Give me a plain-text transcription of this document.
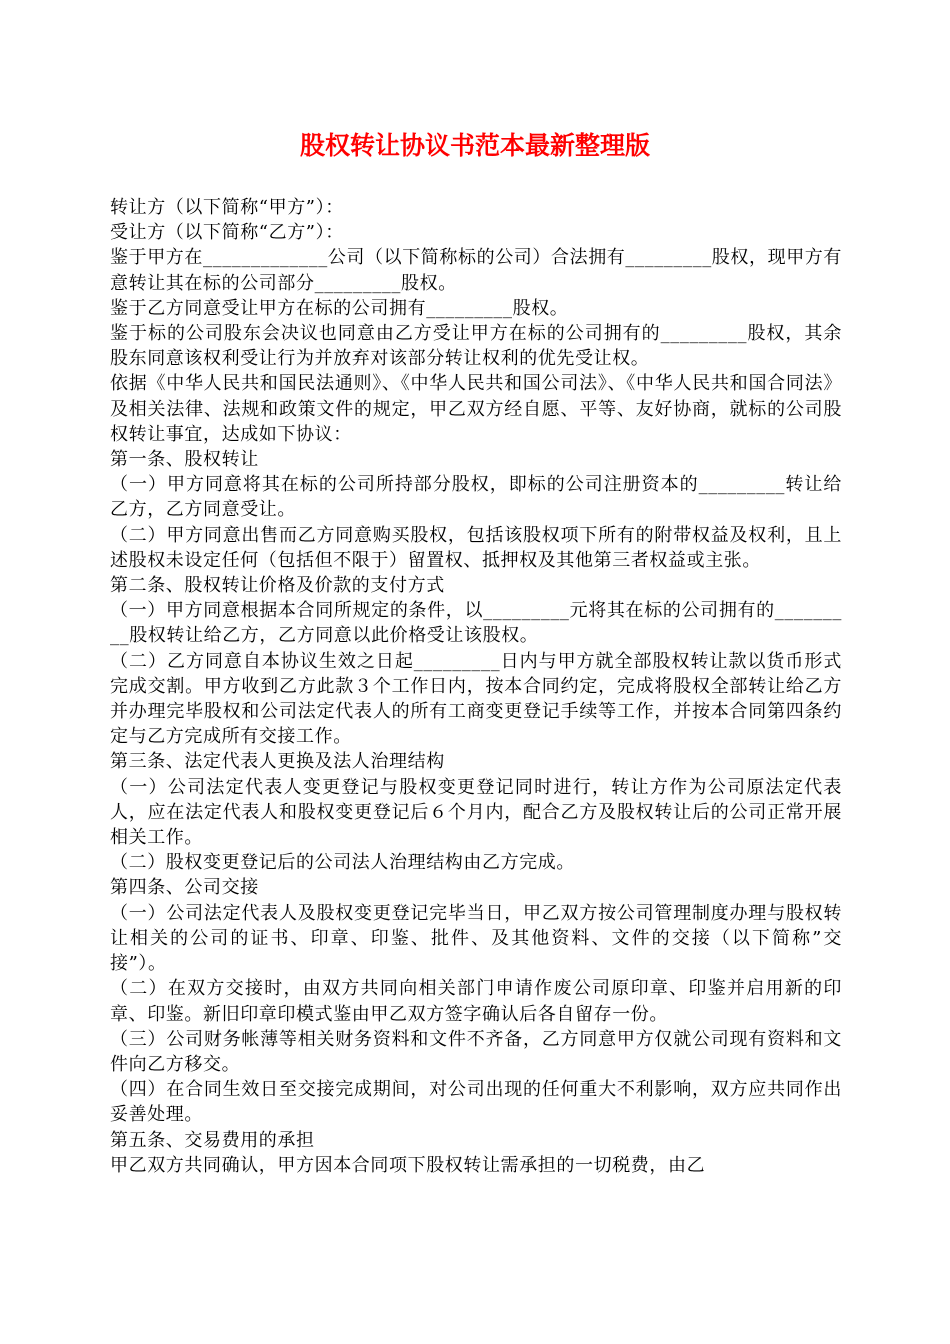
股权转让协议书范本最新整理版

转让方（以下简称“甲方”）：

受让方（以下简称“乙方”）：

鉴于甲方在_____________公司（以下简称标的公司）合法拥有_________股权，现甲方有意转让其在标的公司部分_________股权。

鉴于乙方同意受让甲方在标的公司拥有_________股权。

鉴于标的公司股东会决议也同意由乙方受让甲方在标的公司拥有的_________股权，其余股东同意该权利受让行为并放弃对该部分转让权利的优先受让权。

依据《中华人民共和国民法通则》、《中华人民共和国公司法》、《中华人民共和国合同法》及相关法律、法规和政策文件的规定，甲乙双方经自愿、平等、友好协商，就标的公司股权转让事宜，达成如下协议：

第一条、股权转让

（一）甲方同意将其在标的公司所持部分股权，即标的公司注册资本的_________转让给乙方，乙方同意受让。

（二）甲方同意出售而乙方同意购买股权，包括该股权项下所有的附带权益及权利，且上述股权未设定任何（包括但不限于）留置权、抵押权及其他第三者权益或主张。

第二条、股权转让价格及价款的支付方式

（一）甲方同意根据本合同所规定的条件，以_________元将其在标的公司拥有的_________股权转让给乙方，乙方同意以此价格受让该股权。

（二）乙方同意自本协议生效之日起_________日内与甲方就全部股权转让款以货币形式完成交割。甲方收到乙方此款３个工作日内，按本合同约定，完成将股权全部转让给乙方并办理完毕股权和公司法定代表人的所有工商变更登记手续等工作，并按本合同第四条约定与乙方完成所有交接工作。

第三条、法定代表人更换及法人治理结构

（一）公司法定代表人变更登记与股权变更登记同时进行，转让方作为公司原法定代表人，应在法定代表人和股权变更登记后６个月内，配合乙方及股权转让后的公司正常开展相关工作。

（二）股权变更登记后的公司法人治理结构由乙方完成。

第四条、公司交接

（一）公司法定代表人及股权变更登记完毕当日，甲乙双方按公司管理制度办理与股权转让相关的公司的证书、印章、印鉴、批件、及其他资料、文件的交接（以下简称”交接”）。

（二）在双方交接时，由双方共同向相关部门申请作废公司原印章、印鉴并启用新的印章、印鉴。新旧印章印模式鉴由甲乙双方签字确认后各自留存一份。

（三）公司财务帐薄等相关财务资料和文件不齐备，乙方同意甲方仅就公司现有资料和文件向乙方移交。

（四）在合同生效日至交接完成期间，对公司出现的任何重大不利影响，双方应共同作出妥善处理。

第五条、交易费用的承担

甲乙双方共同确认，甲方因本合同项下股权转让需承担的一切税费，由乙
